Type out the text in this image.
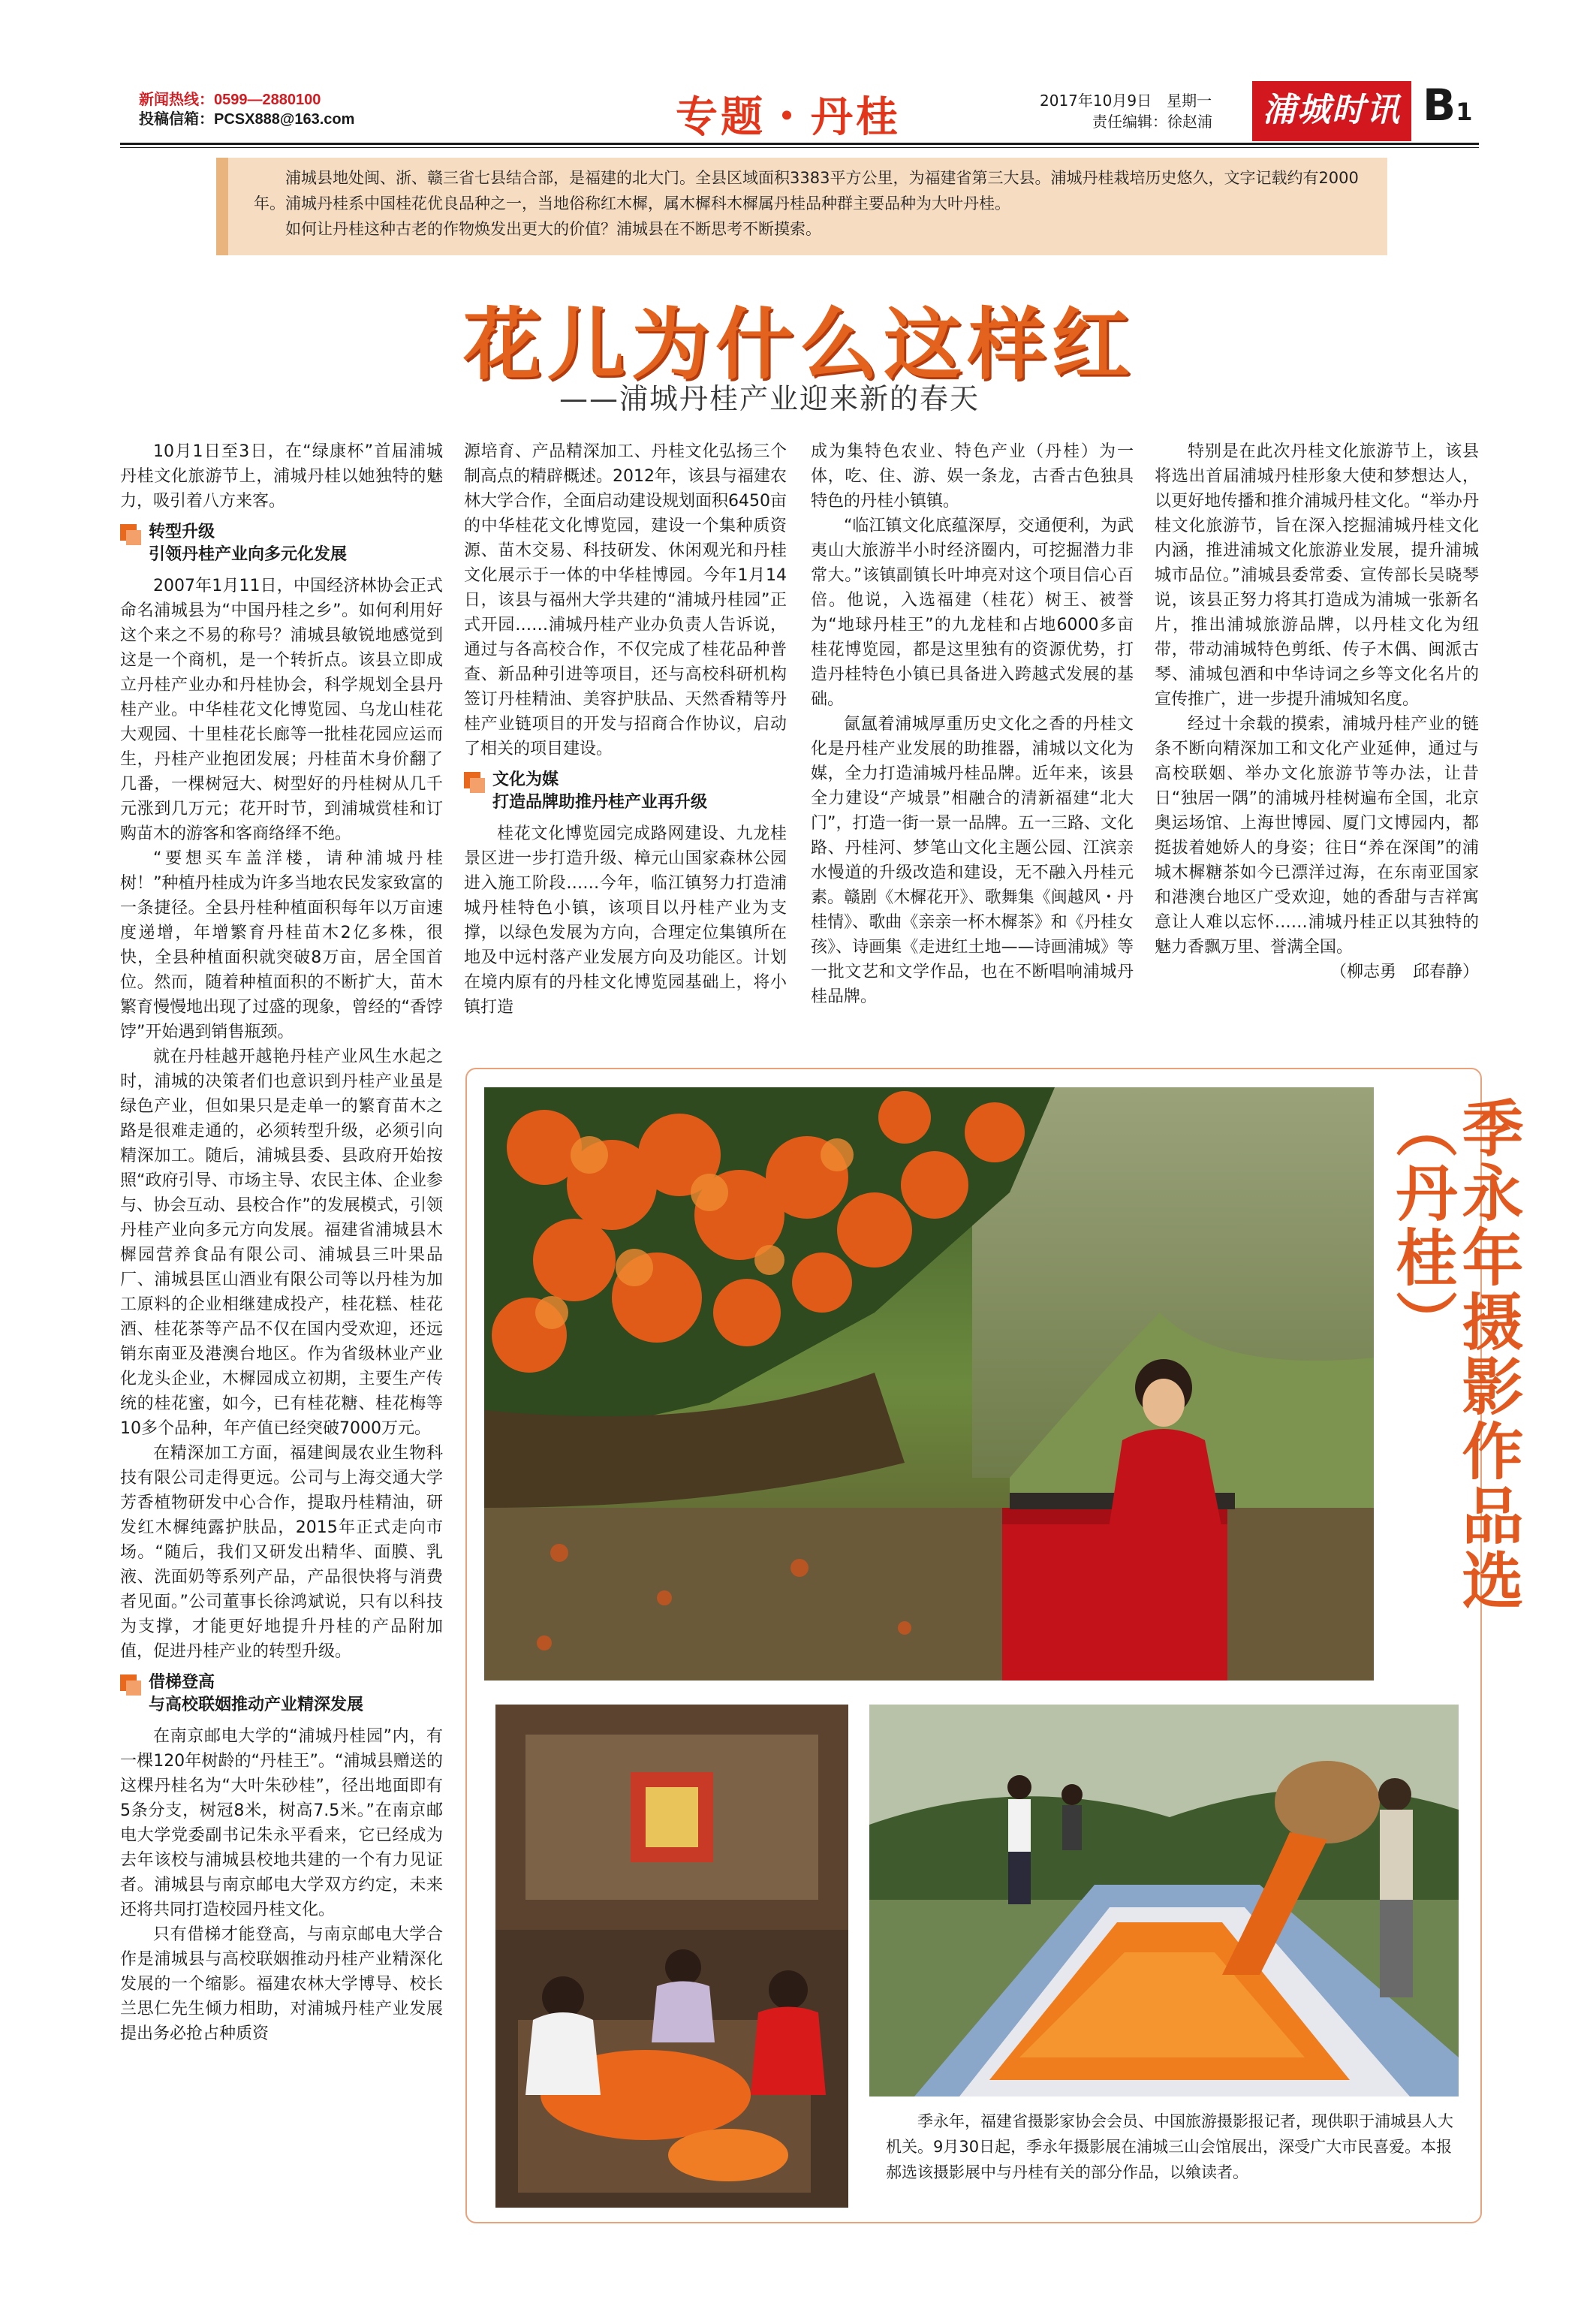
新闻热线：0599—2880100
投稿信箱：PCSX888@163.com	专题・丹桂	2017年10月9日　星期一
责任编辑：徐赵浦	浦城时讯 B1

浦城县地处闽、浙、赣三省七县结合部，是福建的北大门。全县区域面积3383平方公里，为福建省第三大县。浦城丹桂栽培历史悠久，文字记载约有2000年。浦城丹桂系中国桂花优良品种之一，当地俗称红木樨，属木樨科木樨属丹桂品种群主要品种为大叶丹桂。

如何让丹桂这种古老的作物焕发出更大的价值？浦城县在不断思考不断摸索。

花儿为什么这样红
——浦城丹桂产业迎来新的春天

10月1日至3日，在“绿康杯”首届浦城丹桂文化旅游节上，浦城丹桂以她独特的魅力，吸引着八方来客。

转型升级
引领丹桂产业向多元化发展

2007年1月11日，中国经济林协会正式命名浦城县为“中国丹桂之乡”。如何利用好这个来之不易的称号？浦城县敏锐地感觉到这是一个商机，是一个转折点。该县立即成立丹桂产业办和丹桂协会，科学规划全县丹桂产业。中华桂花文化博览园、乌龙山桂花大观园、十里桂花长廊等一批桂花园应运而生，丹桂产业抱团发展；丹桂苗木身价翻了几番，一棵树冠大、树型好的丹桂树从几千元涨到几万元；花开时节，到浦城赏桂和订购苗木的游客和客商络绎不绝。

“要想买车盖洋楼，请种浦城丹桂树！”种植丹桂成为许多当地农民发家致富的一条捷径。全县丹桂种植面积每年以万亩速度递增，年增繁育丹桂苗木2亿多株，很快，全县种植面积就突破8万亩，居全国首位。然而，随着种植面积的不断扩大，苗木繁育慢慢地出现了过盛的现象，曾经的“香饽饽”开始遇到销售瓶颈。

就在丹桂越开越艳丹桂产业风生水起之时，浦城的决策者们也意识到丹桂产业虽是绿色产业，但如果只是走单一的繁育苗木之路是很难走通的，必须转型升级，必须引向精深加工。随后，浦城县委、县政府开始按照“政府引导、市场主导、农民主体、企业参与、协会互动、县校合作”的发展模式，引领丹桂产业向多元方向发展。福建省浦城县木樨园营养食品有限公司、浦城县三叶果品厂、浦城县匡山酒业有限公司等以丹桂为加工原料的企业相继建成投产，桂花糕、桂花酒、桂花茶等产品不仅在国内受欢迎，还远销东南亚及港澳台地区。作为省级林业产业化龙头企业，木樨园成立初期，主要生产传统的桂花蜜，如今，已有桂花糖、桂花梅等10多个品种，年产值已经突破7000万元。

在精深加工方面，福建闽晟农业生物科技有限公司走得更远。公司与上海交通大学芳香植物研发中心合作，提取丹桂精油，研发红木樨纯露护肤品，2015年正式走向市场。“随后，我们又研发出精华、面膜、乳液、洗面奶等系列产品，产品很快将与消费者见面。”公司董事长徐鸿斌说，只有以科技为支撑，才能更好地提升丹桂的产品附加值，促进丹桂产业的转型升级。

借梯登高
与高校联姻推动产业精深发展

在南京邮电大学的“浦城丹桂园”内，有一棵120年树龄的“丹桂王”。“浦城县赠送的这棵丹桂名为“大叶朱砂桂”，径出地面即有5条分支，树冠8米，树高7.5米。”在南京邮电大学党委副书记朱永平看来，它已经成为去年该校与浦城县校地共建的一个有力见证者。浦城县与南京邮电大学双方约定，未来还将共同打造校园丹桂文化。

只有借梯才能登高，与南京邮电大学合作是浦城县与高校联姻推动丹桂产业精深化发展的一个缩影。福建农林大学博导、校长兰思仁先生倾力相助，对浦城丹桂产业发展提出务必抢占种质资

源培育、产品精深加工、丹桂文化弘扬三个制高点的精辟概述。2012年，该县与福建农林大学合作，全面启动建设规划面积6450亩的中华桂花文化博览园，建设一个集种质资源、苗木交易、科技研发、休闲观光和丹桂文化展示于一体的中华桂博园。今年1月14日，该县与福州大学共建的“浦城丹桂园”正式开园……浦城丹桂产业办负责人告诉说，通过与各高校合作，不仅完成了桂花品种普查、新品种引进等项目，还与高校科研机构签订丹桂精油、美容护肤品、天然香精等丹桂产业链项目的开发与招商合作协议，启动了相关的项目建设。

文化为媒
打造品牌助推丹桂产业再升级

桂花文化博览园完成路网建设、九龙桂景区进一步打造升级、樟元山国家森林公园进入施工阶段……今年，临江镇努力打造浦城丹桂特色小镇，该项目以丹桂产业为支撑，以绿色发展为方向，合理定位集镇所在地及中远村落产业发展方向及功能区。计划在境内原有的丹桂文化博览园基础上，将小镇打造

成为集特色农业、特色产业（丹桂）为一体，吃、住、游、娱一条龙，古香古色独具特色的丹桂小镇镇。

“临江镇文化底蕴深厚，交通便利，为武夷山大旅游半小时经济圈内，可挖掘潜力非常大。”该镇副镇长叶坤亮对这个项目信心百倍。他说，入选福建（桂花）树王、被誉为“地球丹桂王”的九龙桂和占地6000多亩桂花博览园，都是这里独有的资源优势，打造丹桂特色小镇已具备进入跨越式发展的基础。

氤氲着浦城厚重历史文化之香的丹桂文化是丹桂产业发展的助推器，浦城以文化为媒，全力打造浦城丹桂品牌。近年来，该县全力建设“产城景”相融合的清新福建“北大门”，打造一街一景一品牌。五一三路、文化路、丹桂河、梦笔山文化主题公园、江滨亲水慢道的升级改造和建设，无不融入丹桂元素。赣剧《木樨花开》、歌舞集《闽越风・丹桂情》、歌曲《亲亲一杯木樨茶》和《丹桂女孩》、诗画集《走进红土地——诗画浦城》等一批文艺和文学作品，也在不断唱响浦城丹桂品牌。

特别是在此次丹桂文化旅游节上，该县将选出首届浦城丹桂形象大使和梦想达人，以更好地传播和推介浦城丹桂文化。“举办丹桂文化旅游节，旨在深入挖掘浦城丹桂文化内涵，推进浦城文化旅游业发展，提升浦城城市品位。”浦城县委常委、宣传部长吴晓琴说，该县正努力将其打造成为浦城一张新名片，推出浦城旅游品牌，以丹桂文化为纽带，带动浦城特色剪纸、传子木偶、闽派古琴、浦城包酒和中华诗词之乡等文化名片的宣传推广，进一步提升浦城知名度。

经过十余载的摸索，浦城丹桂产业的链条不断向精深加工和文化产业延伸，通过与高校联姻、举办文化旅游节等办法，让昔日“独居一隅”的浦城丹桂树遍布全国，北京奥运场馆、上海世博园、厦门文博园内，都挺拔着她娇人的身姿；往日“养在深闺”的浦城木樨糖茶如今已漂洋过海，在东南亚国家和港澳台地区广受欢迎，她的香甜与吉祥寓意让人难以忘怀……浦城丹桂正以其独特的魅力香飘万里、誉满全国。

（柳志勇　邱春静）
季永年摄影作品选（丹桂）

季永年，福建省摄影家协会会员、中国旅游摄影报记者，现供职于浦城县人大机关。9月30日起，季永年摄影展在浦城三山会馆展出，深受广大市民喜爱。本报郝选该摄影展中与丹桂有关的部分作品，以飨读者。
